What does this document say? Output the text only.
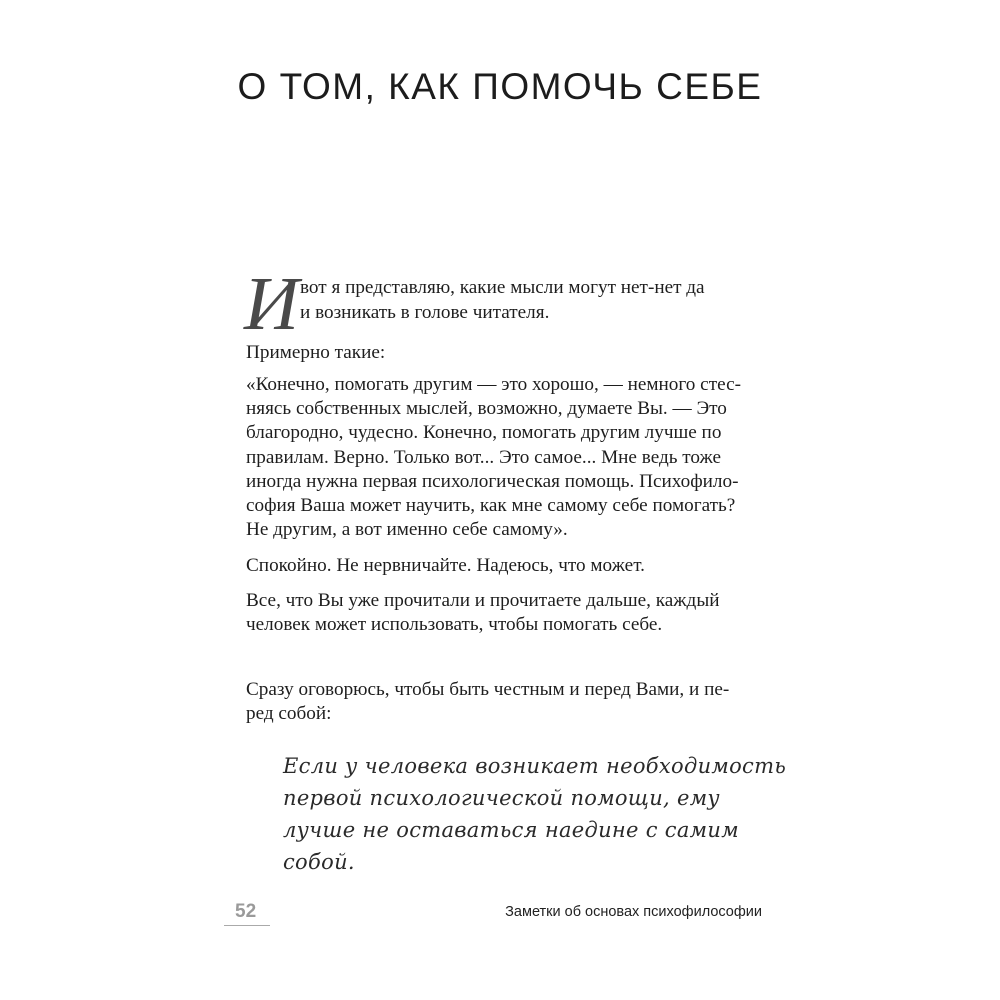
О ТОМ, КАК ПОМОЧЬ СЕБЕ
И вот я представляю, какие мысли могут нет-нет да
и возникать в голове читателя.
Примерно такие:
«Конечно, помогать другим — это хорошо, — немного стес-
няясь собственных мыслей, возможно, думаете Вы. — Это
благородно, чудесно. Конечно, помогать другим лучше по
правилам. Верно. Только вот... Это самое... Мне ведь тоже
иногда нужна первая психологическая помощь. Психофило-
софия Ваша может научить, как мне самому себе помогать?
Не другим, а вот именно себе самому».
Спокойно. Не нервничайте. Надеюсь, что может.
Все, что Вы уже прочитали и прочитаете дальше, каждый
человек может использовать, чтобы помогать себе.
Сразу оговорюсь, чтобы быть честным и перед Вами, и пе-
ред собой:
Если у человека возникает необходимость
первой психологической помощи, ему
лучше не оставаться наедине с самим
собой.
52	Заметки об основах психофилософии
